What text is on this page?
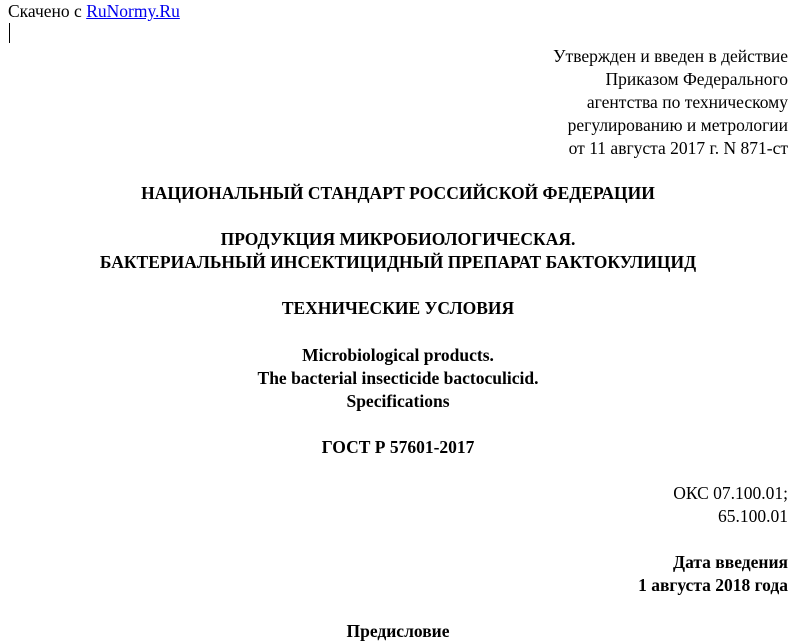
Скачено с RuNormy.Ru
Утвержден и введен в действие
Приказом Федерального
агентства по техническому
регулированию и метрологии
от 11 августа 2017 г. N 871-ст
НАЦИОНАЛЬНЫЙ СТАНДАРТ РОССИЙСКОЙ ФЕДЕРАЦИИ
ПРОДУКЦИЯ МИКРОБИОЛОГИЧЕСКАЯ.
БАКТЕРИАЛЬНЫЙ ИНСЕКТИЦИДНЫЙ ПРЕПАРАТ БАКТОКУЛИЦИД
ТЕХНИЧЕСКИЕ УСЛОВИЯ
Microbiological products.
The bacterial insecticide bactoculicid.
Specifications
ГОСТ Р 57601-2017
ОКС 07.100.01;
65.100.01
Дата введения
1 августа 2018 года
Предисловие
